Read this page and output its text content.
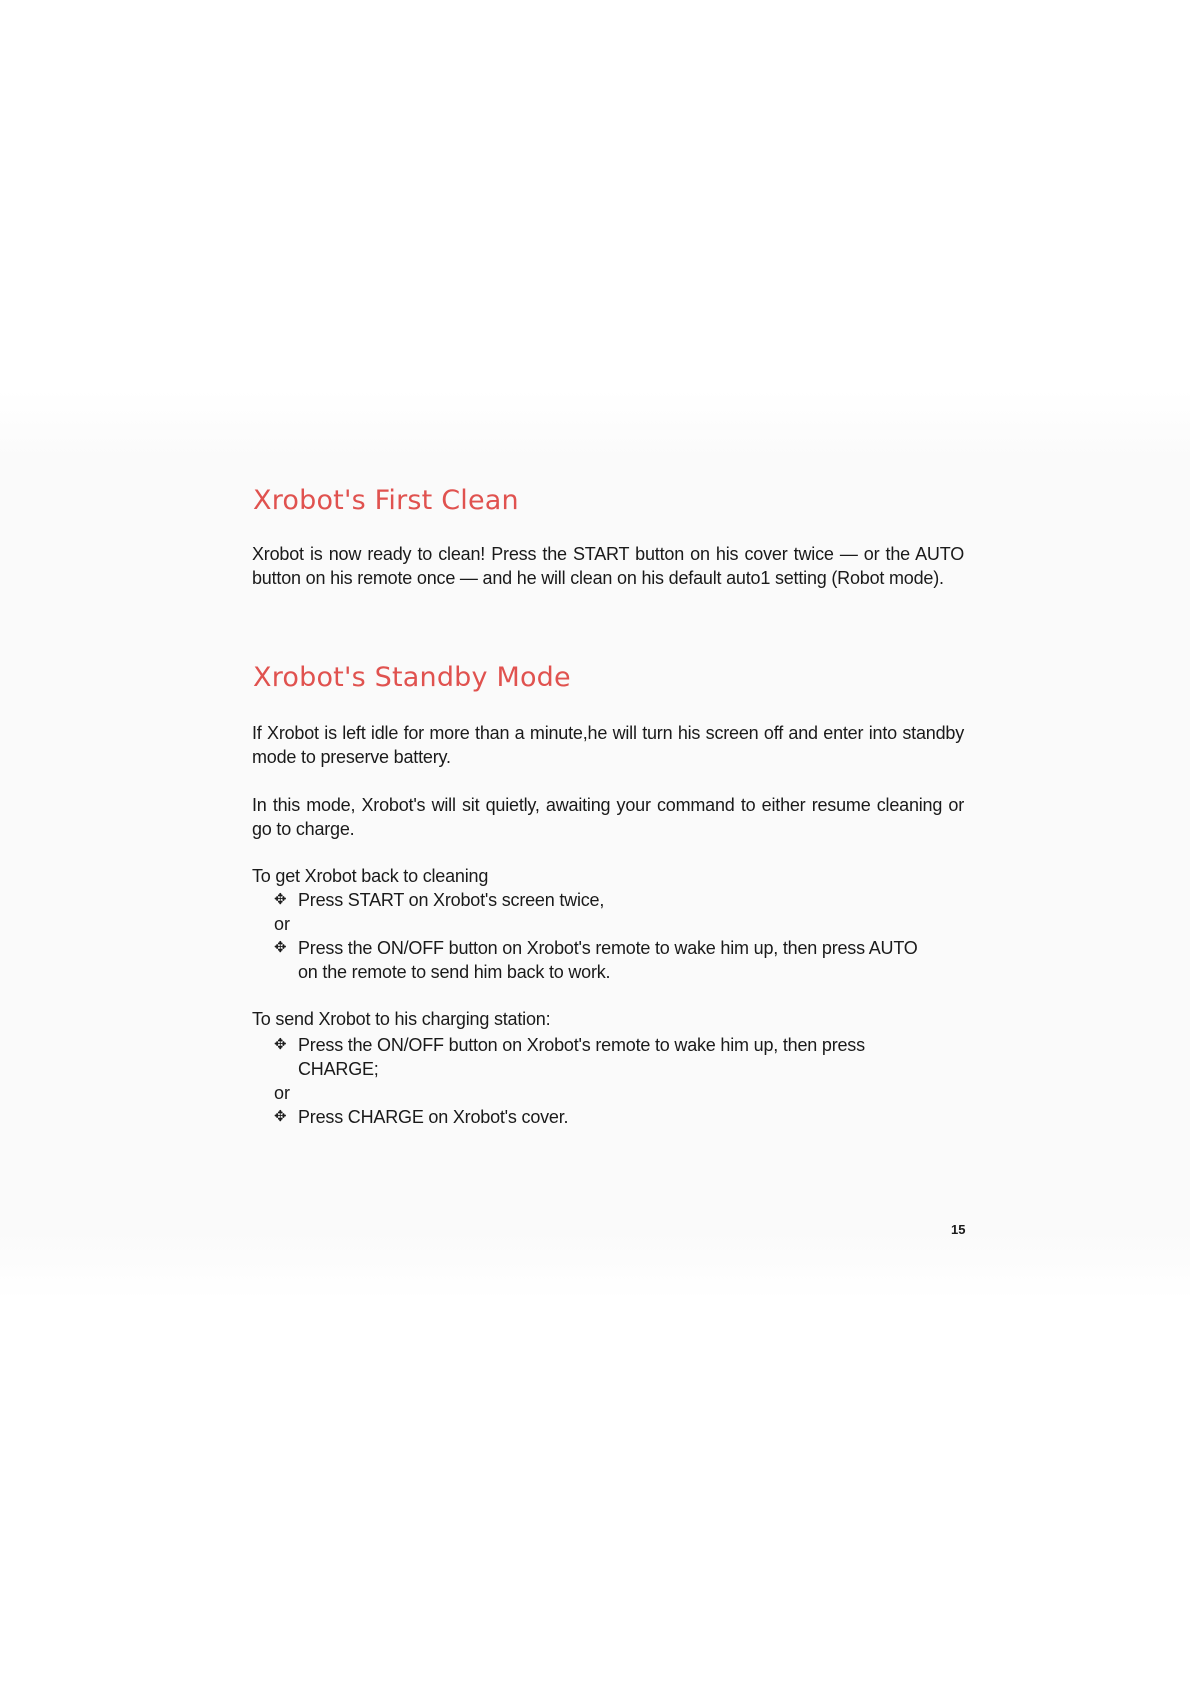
Xrobot's First Clean

Xrobot is now ready to clean! Press the START button on his cover twice — or the AUTO button on his remote once — and he will clean on his default auto1 setting (Robot mode).

Xrobot's Standby Mode

If Xrobot is left idle for more than a minute,he will turn his screen off and enter into standby mode to preserve battery.

In this mode, Xrobot's will sit quietly, awaiting your command to either resume cleaning or go to charge.

To get Xrobot back to cleaning

✥ Press START on Xrobot's screen twice,

or

✥ Press the ON/OFF button on Xrobot's remote to wake him up, then press AUTO on the remote to send him back to work.

To send Xrobot to his charging station:

✥ Press the ON/OFF button on Xrobot's remote to wake him up, then press CHARGE;

or

✥ Press CHARGE on Xrobot's cover.
15
